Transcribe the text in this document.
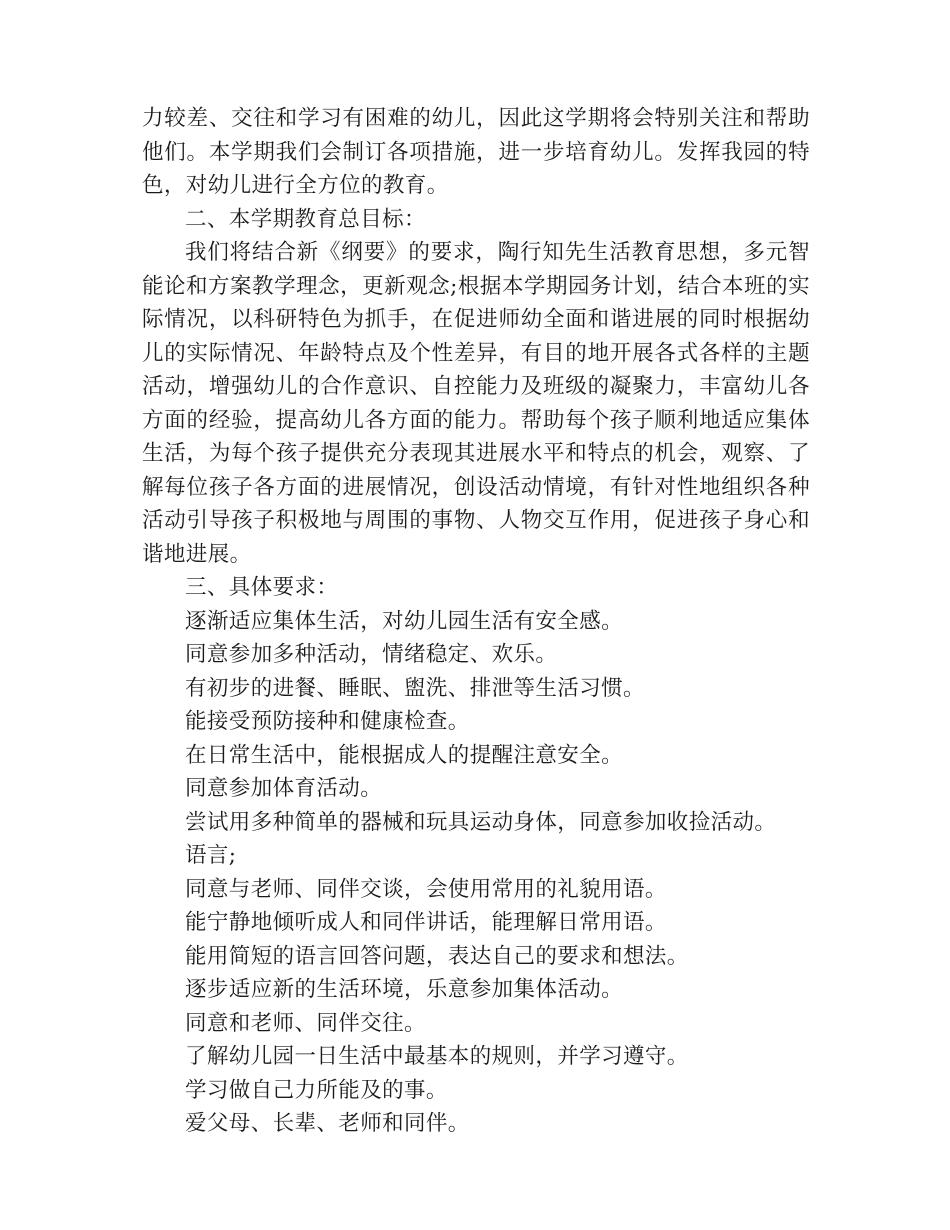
力较差、交往和学习有困难的幼儿，因此这学期将会特别关注和帮助他们。本学期我们会制订各项措施，进一步培育幼儿。发挥我园的特色，对幼儿进行全方位的教育。

二、本学期教育总目标：

我们将结合新《纲要》的要求，陶行知先生活教育思想，多元智能论和方案教学理念，更新观念;根据本学期园务计划，结合本班的实际情况，以科研特色为抓手，在促进师幼全面和谐进展的同时根据幼儿的实际情况、年龄特点及个性差异，有目的地开展各式各样的主题活动，增强幼儿的合作意识、自控能力及班级的凝聚力，丰富幼儿各方面的经验，提高幼儿各方面的能力。帮助每个孩子顺利地适应集体生活，为每个孩子提供充分表现其进展水平和特点的机会，观察、了解每位孩子各方面的进展情况，创设活动情境，有针对性地组织各种活动引导孩子积极地与周围的事物、人物交互作用，促进孩子身心和谐地进展。

三、具体要求：

逐渐适应集体生活，对幼儿园生活有安全感。

同意参加多种活动，情绪稳定、欢乐。

有初步的进餐、睡眠、盥洗、排泄等生活习惯。

能接受预防接种和健康检查。

在日常生活中，能根据成人的提醒注意安全。

同意参加体育活动。

尝试用多种简单的器械和玩具运动身体，同意参加收捡活动。

语言;

同意与老师、同伴交谈，会使用常用的礼貌用语。

能宁静地倾听成人和同伴讲话，能理解日常用语。

能用简短的语言回答问题，表达自己的要求和想法。

逐步适应新的生活环境，乐意参加集体活动。

同意和老师、同伴交往。

了解幼儿园一日生活中最基本的规则，并学习遵守。

学习做自己力所能及的事。

爱父母、长辈、老师和同伴。
